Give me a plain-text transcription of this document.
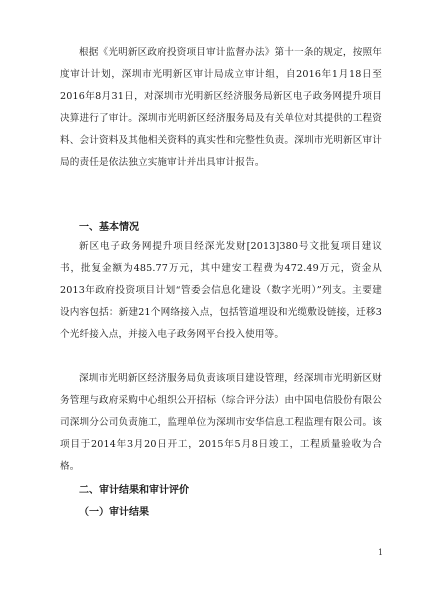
根据《光明新区政府投资项目审计监督办法》第十一条的规定，按照年度审计计划，深圳市光明新区审计局成立审计组，自2016年1月18日至2016年8月31日，对深圳市光明新区经济服务局新区电子政务网提升项目决算进行了审计。深圳市光明新区经济服务局及有关单位对其提供的工程资料、会计资料及其他相关资料的真实性和完整性负责。深圳市光明新区审计局的责任是依法独立实施审计并出具审计报告。

一、基本情况

新区电子政务网提升项目经深光发财[2013]380号文批复项目建议书，批复金额为485.77万元，其中建安工程费为472.49万元，资金从2013年政府投资项目计划“管委会信息化建设（数字光明）”列支。主要建设内容包括：新建21个网络接入点，包括管道埋设和光缆敷设链接，迁移3个光纤接入点，并接入电子政务网平台投入使用等。

深圳市光明新区经济服务局负责该项目建设管理，经深圳市光明新区财务管理与政府采购中心组织公开招标（综合评分法）由中国电信股份有限公司深圳分公司负责施工，监理单位为深圳市安华信息工程监理有限公司。该项目于2014年3月20日开工，2015年5月8日竣工，工程质量验收为合格。

二、审计结果和审计评价
（一）审计结果
1
